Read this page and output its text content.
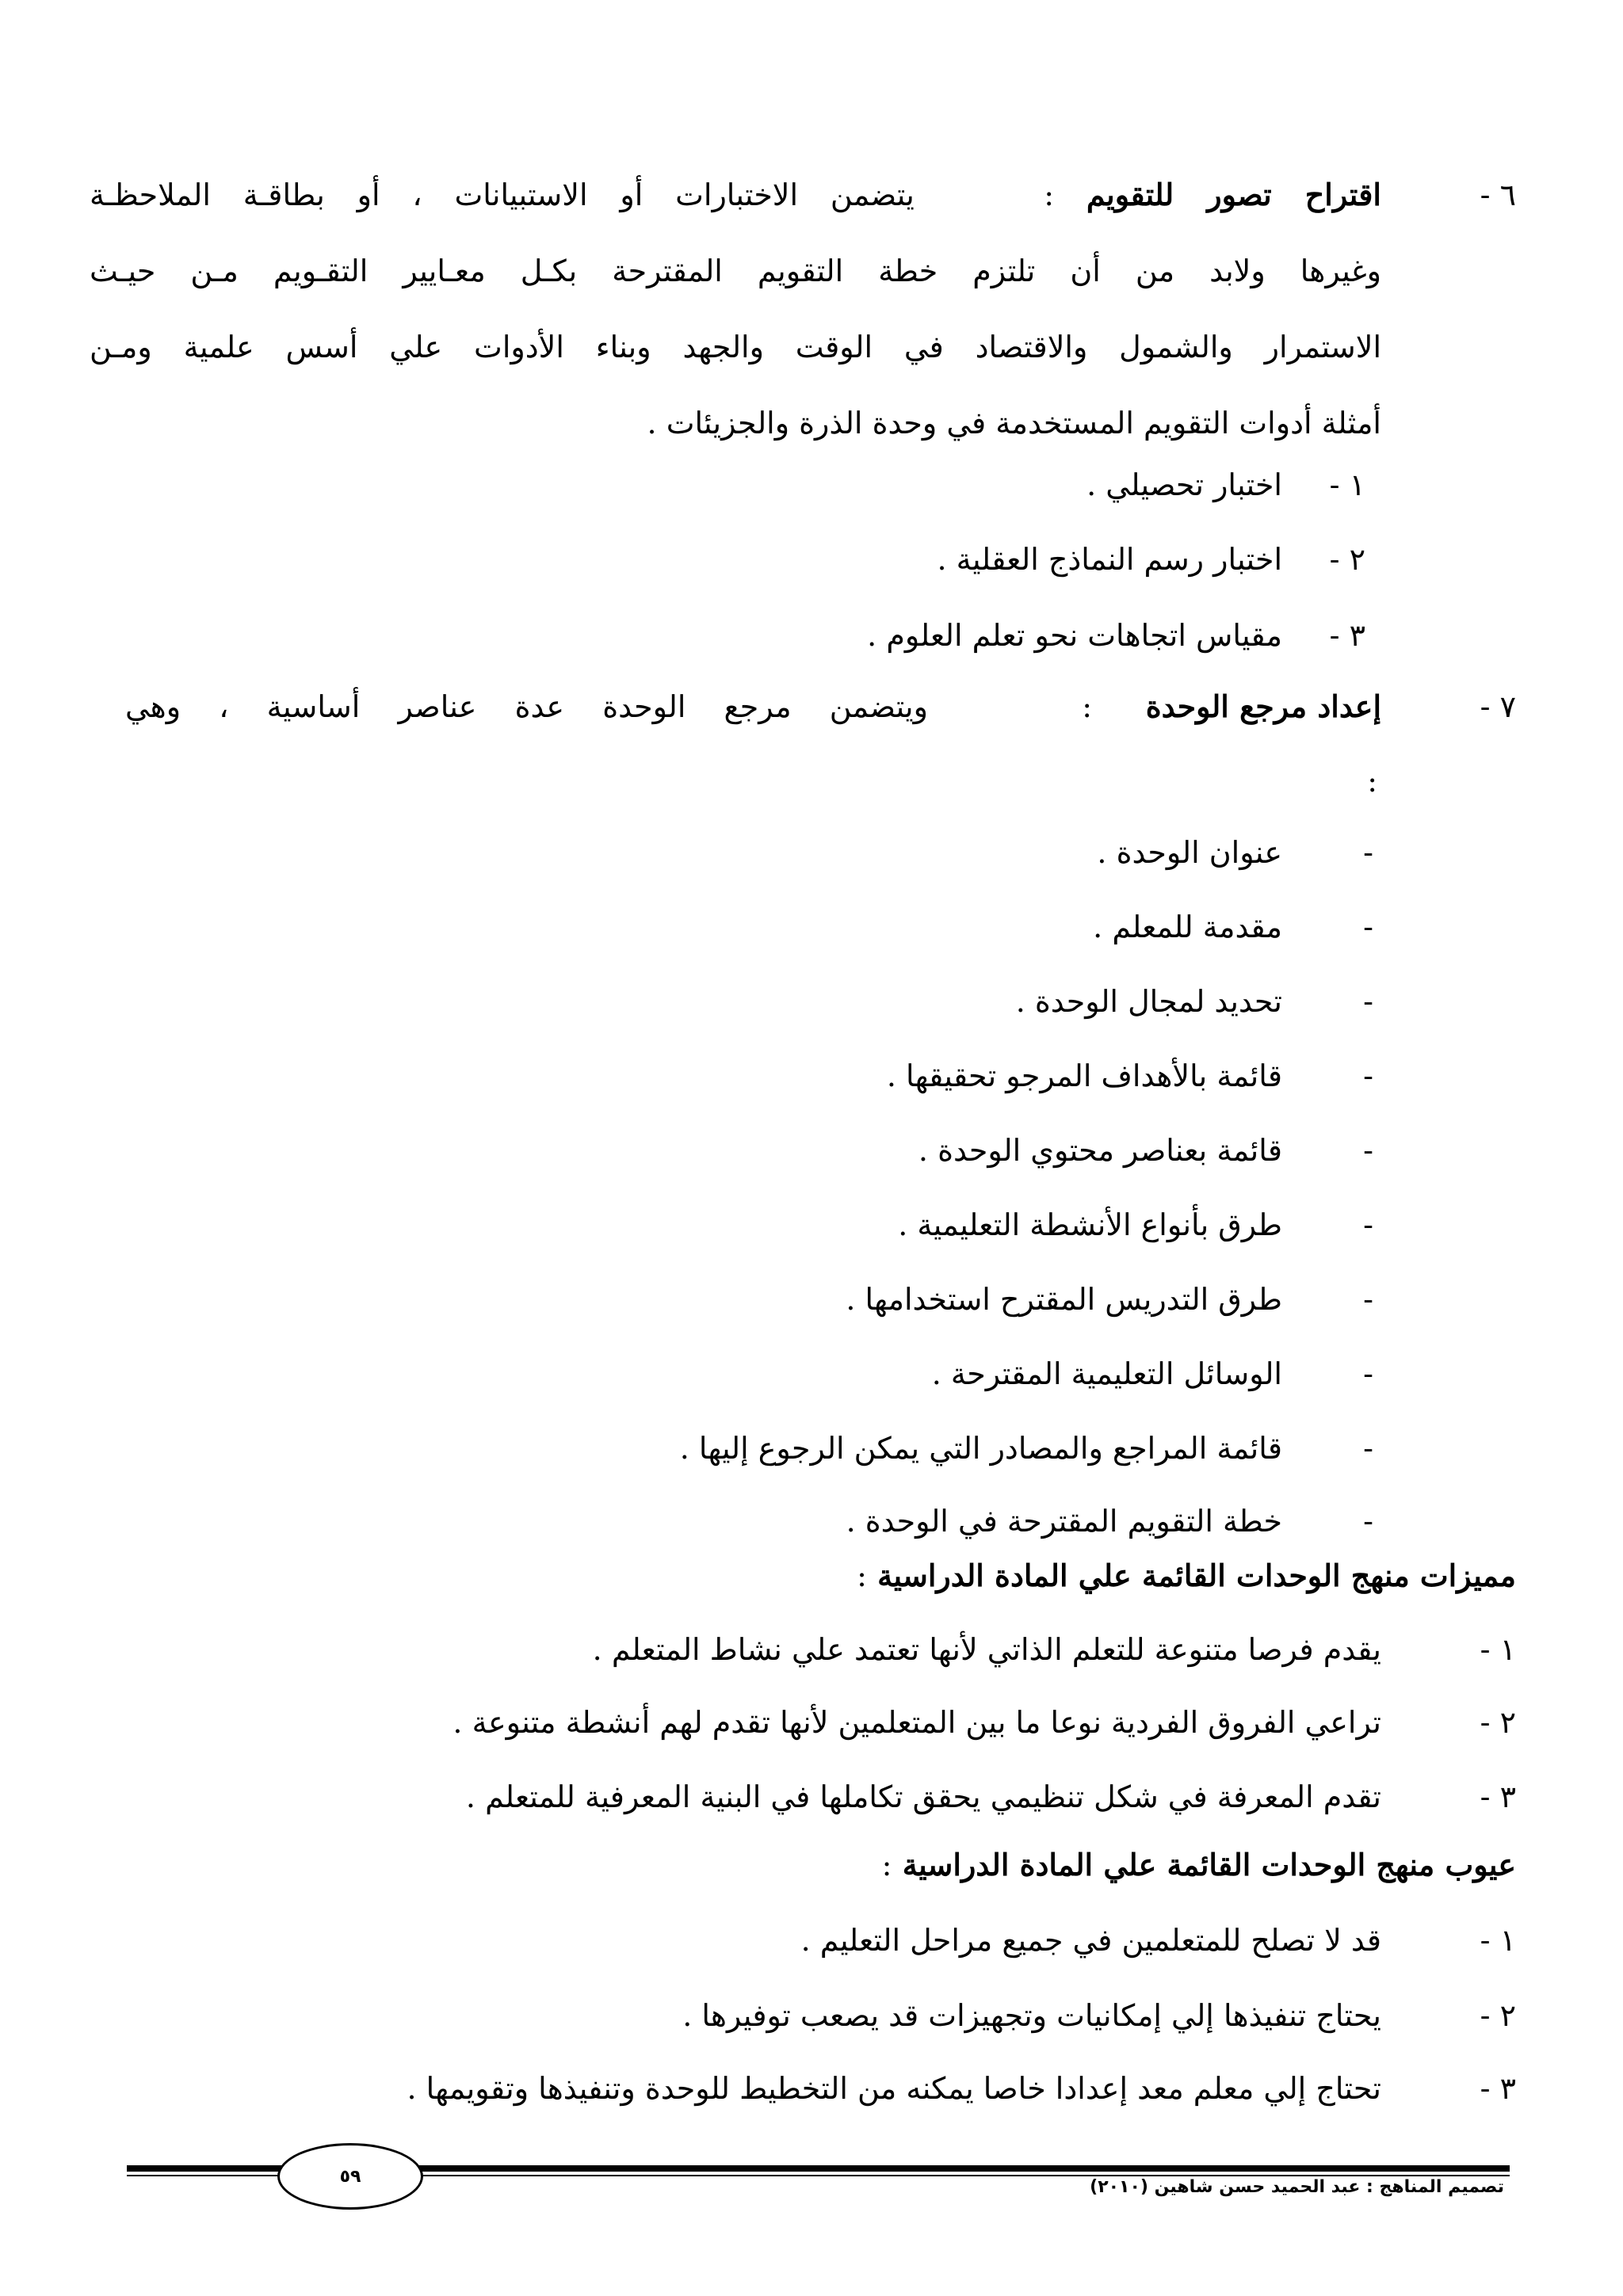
٦ -
اقتراح تصور للتقويم :    يتضمن الاختبارات أو الاستبيانات ، أو بطاقـة الملاحظـة
وغيرها ولابد من أن تلتزم خطة التقويم المقترحة بكـل معـايير التقـويم مـن حيـث
الاستمرار والشمول والاقتصاد في الوقت والجهد وبناء الأدوات علي أسس علمية ومـن
أمثلة أدوات التقويم المستخدمة في وحدة الذرة والجزيئات .
١ -
اختبار تحصيلي .
٢ -
اختبار رسم النماذج العقلية .
٣ -
مقياس اتجاهات نحو تعلم العلوم .
٧ -
إعداد مرجع الوحدة
:
ويتضمن مرجع الوحدة عدة عناصر أساسية ، وهي
:
-
عنوان الوحدة .
-
مقدمة للمعلم .
-
تحديد لمجال الوحدة .
-
قائمة بالأهداف المرجو تحقيقها .
-
قائمة بعناصر محتوي الوحدة .
-
طرق بأنواع الأنشطة التعليمية .
-
طرق التدريس المقترح استخدامها .
-
الوسائل التعليمية المقترحة .
-
قائمة المراجع والمصادر التي يمكن الرجوع إليها .
-
خطة التقويم المقترحة في الوحدة .
مميزات منهج الوحدات القائمة علي المادة الدراسية :
١ -
يقدم فرصا متنوعة للتعلم الذاتي لأنها تعتمد علي نشاط المتعلم .
٢ -
تراعي الفروق الفردية نوعا ما بين المتعلمين لأنها تقدم لهم أنشطة متنوعة .
٣ -
تقدم المعرفة في شكل تنظيمي يحقق تكاملها في البنية المعرفية للمتعلم .
عيوب منهج الوحدات القائمة علي المادة الدراسية :
١ -
قد لا تصلح للمتعلمين في جميع مراحل التعليم .
٢ -
يحتاج تنفيذها إلي إمكانيات وتجهيزات قد يصعب توفيرها .
٣ -
تحتاج إلي معلم معد إعدادا خاصا يمكنه من التخطيط للوحدة وتنفيذها وتقويمها .
٥٩
تصميم المناهج : عبد الحميد حسن شاهين (٢٠١٠)
